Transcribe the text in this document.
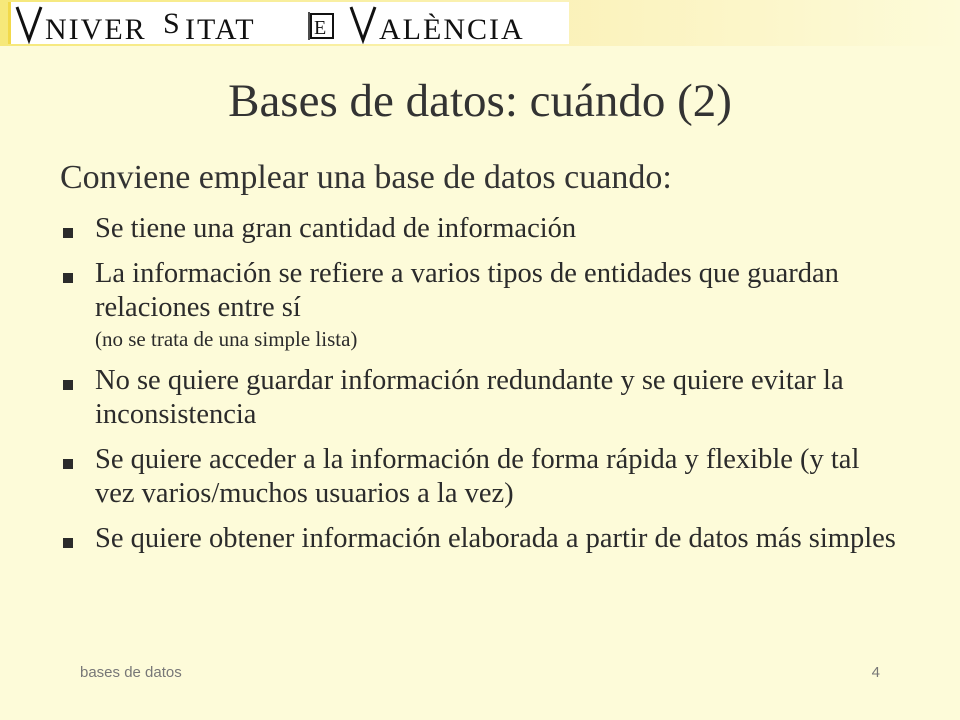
NIVER S ITAT	E ALÈNCIA
Bases de datos: cuándo (2)

Conviene emplear una base de datos cuando:

Se tiene una gran cantidad de información
La información se refiere a varios tipos de entidades que guardan relaciones entre sí
(no se trata de una simple lista)
No se quiere guardar información redundante y se quiere evitar la inconsistencia
Se quiere acceder a la información de forma rápida y flexible (y tal vez varios/muchos usuarios a la vez)
Se quiere obtener información elaborada a partir de datos más simples
bases de datos	4
